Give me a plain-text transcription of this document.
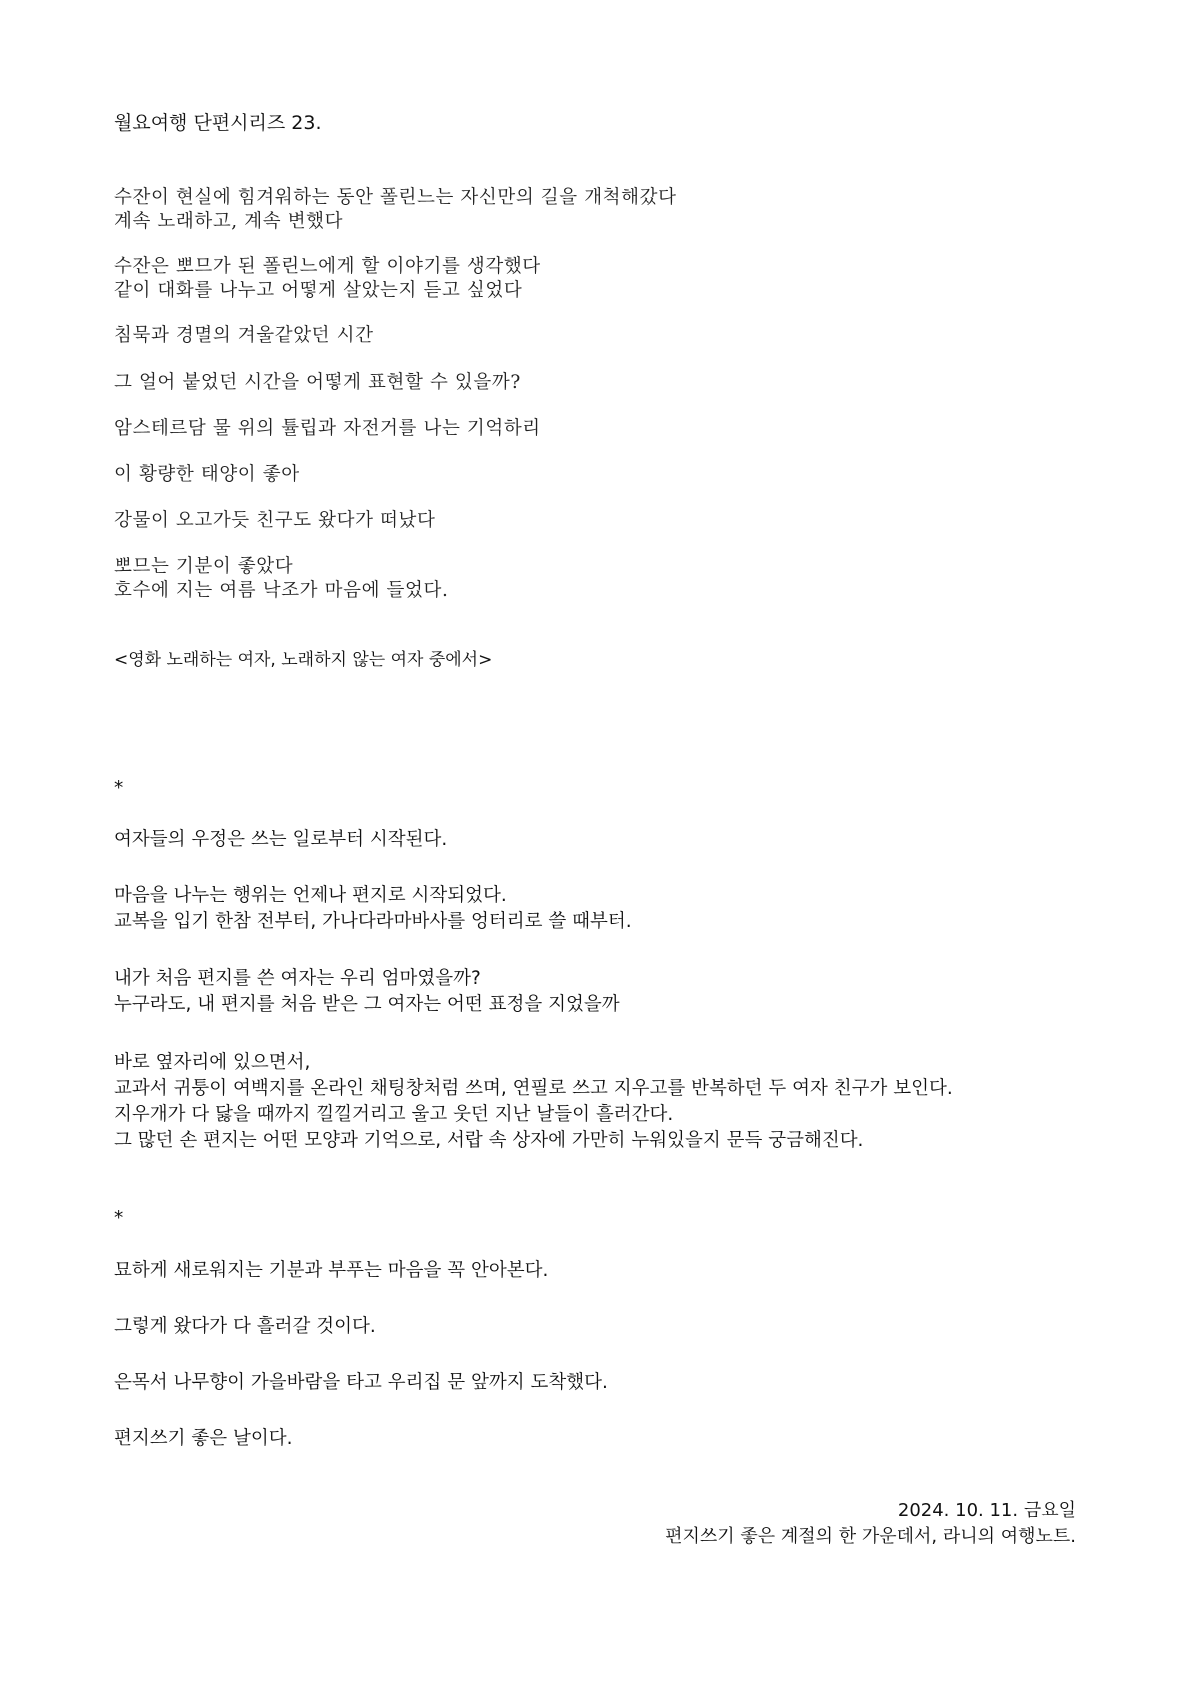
월요여행 단편시리즈 23.
수잔이 현실에 힘겨워하는 동안 폴린느는 자신만의 길을 개척해갔다
계속 노래하고, 계속 변했다
수잔은 뽀므가 된 폴린느에게 할 이야기를 생각했다
같이 대화를 나누고 어떻게 살았는지 듣고 싶었다
침묵과 경멸의 겨울같았던 시간
그 얼어 붙었던 시간을 어떻게 표현할 수 있을까?
암스테르담 물 위의 튤립과 자전거를 나는 기억하리
이 황량한 태양이 좋아
강물이 오고가듯 친구도 왔다가 떠났다
뽀므는 기분이 좋았다
호수에 지는 여름 낙조가 마음에 들었다.
<영화 노래하는 여자, 노래하지 않는 여자 중에서>
*
여자들의 우정은 쓰는 일로부터 시작된다.
마음을 나누는 행위는 언제나 편지로 시작되었다.
교복을 입기 한참 전부터, 가나다라마바사를 엉터리로 쓸 때부터.
내가 처음 편지를 쓴 여자는 우리 엄마였을까?
누구라도, 내 편지를 처음 받은 그 여자는 어떤 표정을 지었을까
바로 옆자리에 있으면서,
교과서 귀퉁이 여백지를 온라인 채팅창처럼 쓰며, 연필로 쓰고 지우고를 반복하던 두 여자 친구가 보인다.
지우개가 다 닳을 때까지 낄낄거리고 울고 웃던 지난 날들이 흘러간다.
그 많던 손 편지는 어떤 모양과 기억으로, 서랍 속 상자에 가만히 누워있을지 문득 궁금해진다.
*
묘하게 새로워지는 기분과 부푸는 마음을 꼭 안아본다.
그렇게 왔다가 다 흘러갈 것이다.
은목서 나무향이 가을바람을 타고 우리집 문 앞까지 도착했다.
편지쓰기 좋은 날이다.
2024. 10. 11. 금요일
편지쓰기 좋은 계절의 한 가운데서, 라니의 여행노트.
